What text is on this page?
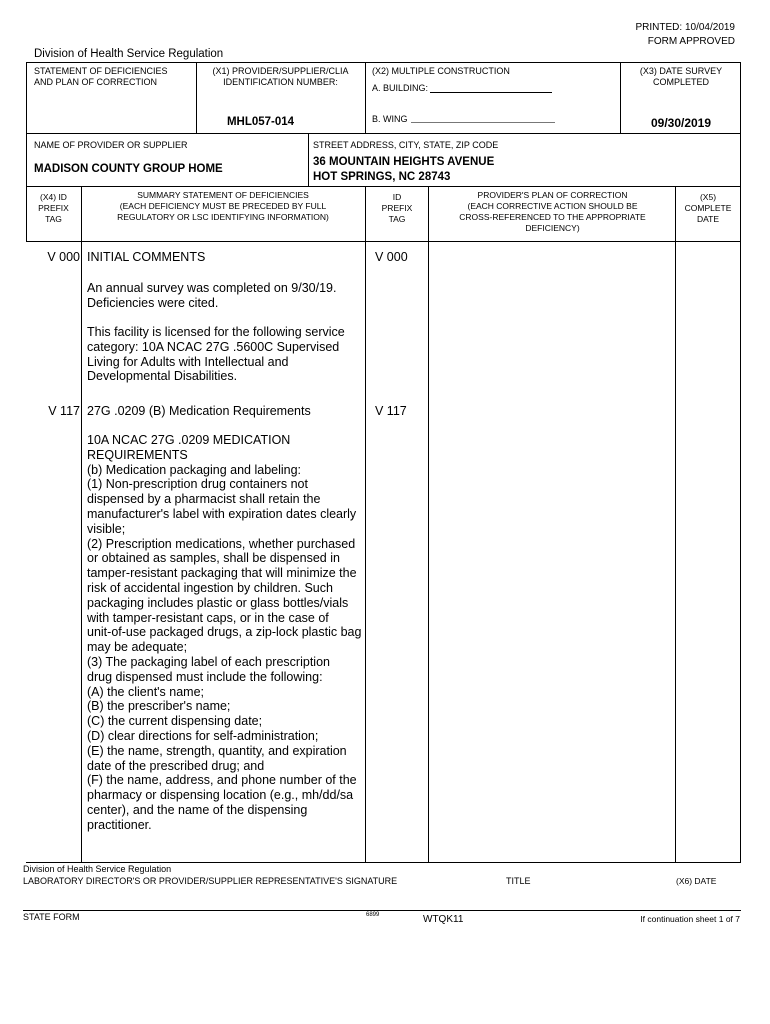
PRINTED: 10/04/2019
FORM APPROVED
Division of Health Service Regulation
STATEMENT OF DEFICIENCIES
AND PLAN OF CORRECTION
(X1) PROVIDER/SUPPLIER/CLIA
IDENTIFICATION NUMBER:
MHL057-014
(X2) MULTIPLE CONSTRUCTION
A. BUILDING:
B. WING
(X3) DATE SURVEY
COMPLETED
09/30/2019
NAME OF PROVIDER OR SUPPLIER
MADISON COUNTY GROUP HOME
STREET ADDRESS, CITY, STATE, ZIP CODE
36 MOUNTAIN HEIGHTS AVENUE
HOT SPRINGS, NC 28743
(X4) ID
PREFIX
TAG
SUMMARY STATEMENT OF DEFICIENCIES
(EACH DEFICIENCY MUST BE PRECEDED BY FULL
REGULATORY OR LSC IDENTIFYING INFORMATION)
ID
PREFIX
TAG
PROVIDER'S PLAN OF CORRECTION
(EACH CORRECTIVE ACTION SHOULD BE
CROSS-REFERENCED TO THE APPROPRIATE
DEFICIENCY)
(X5)
COMPLETE
DATE
V 000 INITIAL COMMENTS	V 000
An annual survey was completed on 9/30/19.
Deficiencies were cited.
This facility is licensed for the following service
category: 10A NCAC 27G .5600C Supervised
Living for Adults with Intellectual and
Developmental Disabilities.
V 117 27G .0209 (B) Medication Requirements	V 117
10A NCAC 27G .0209 MEDICATION
REQUIREMENTS
(b) Medication packaging and labeling:
(1) Non-prescription drug containers not
dispensed by a pharmacist shall retain the
manufacturer's label with expiration dates clearly
visible;
(2) Prescription medications, whether purchased
or obtained as samples, shall be dispensed in
tamper-resistant packaging that will minimize the
risk of accidental ingestion by children. Such
packaging includes plastic or glass bottles/vials
with tamper-resistant caps, or in the case of
unit-of-use packaged drugs, a zip-lock plastic bag
may be adequate;
(3) The packaging label of each prescription
drug dispensed must include the following:
(A) the client's name;
(B) the prescriber's name;
(C) the current dispensing date;
(D) clear directions for self-administration;
(E) the name, strength, quantity, and expiration
date of the prescribed drug; and
(F) the name, address, and phone number of the
pharmacy or dispensing location (e.g., mh/dd/sa
center), and the name of the dispensing
practitioner.
Division of Health Service Regulation
LABORATORY DIRECTOR'S OR PROVIDER/SUPPLIER REPRESENTATIVE'S SIGNATURE	TITLE	(X6) DATE
STATE FORM	6899	WTQK11	If continuation sheet 1 of 7
